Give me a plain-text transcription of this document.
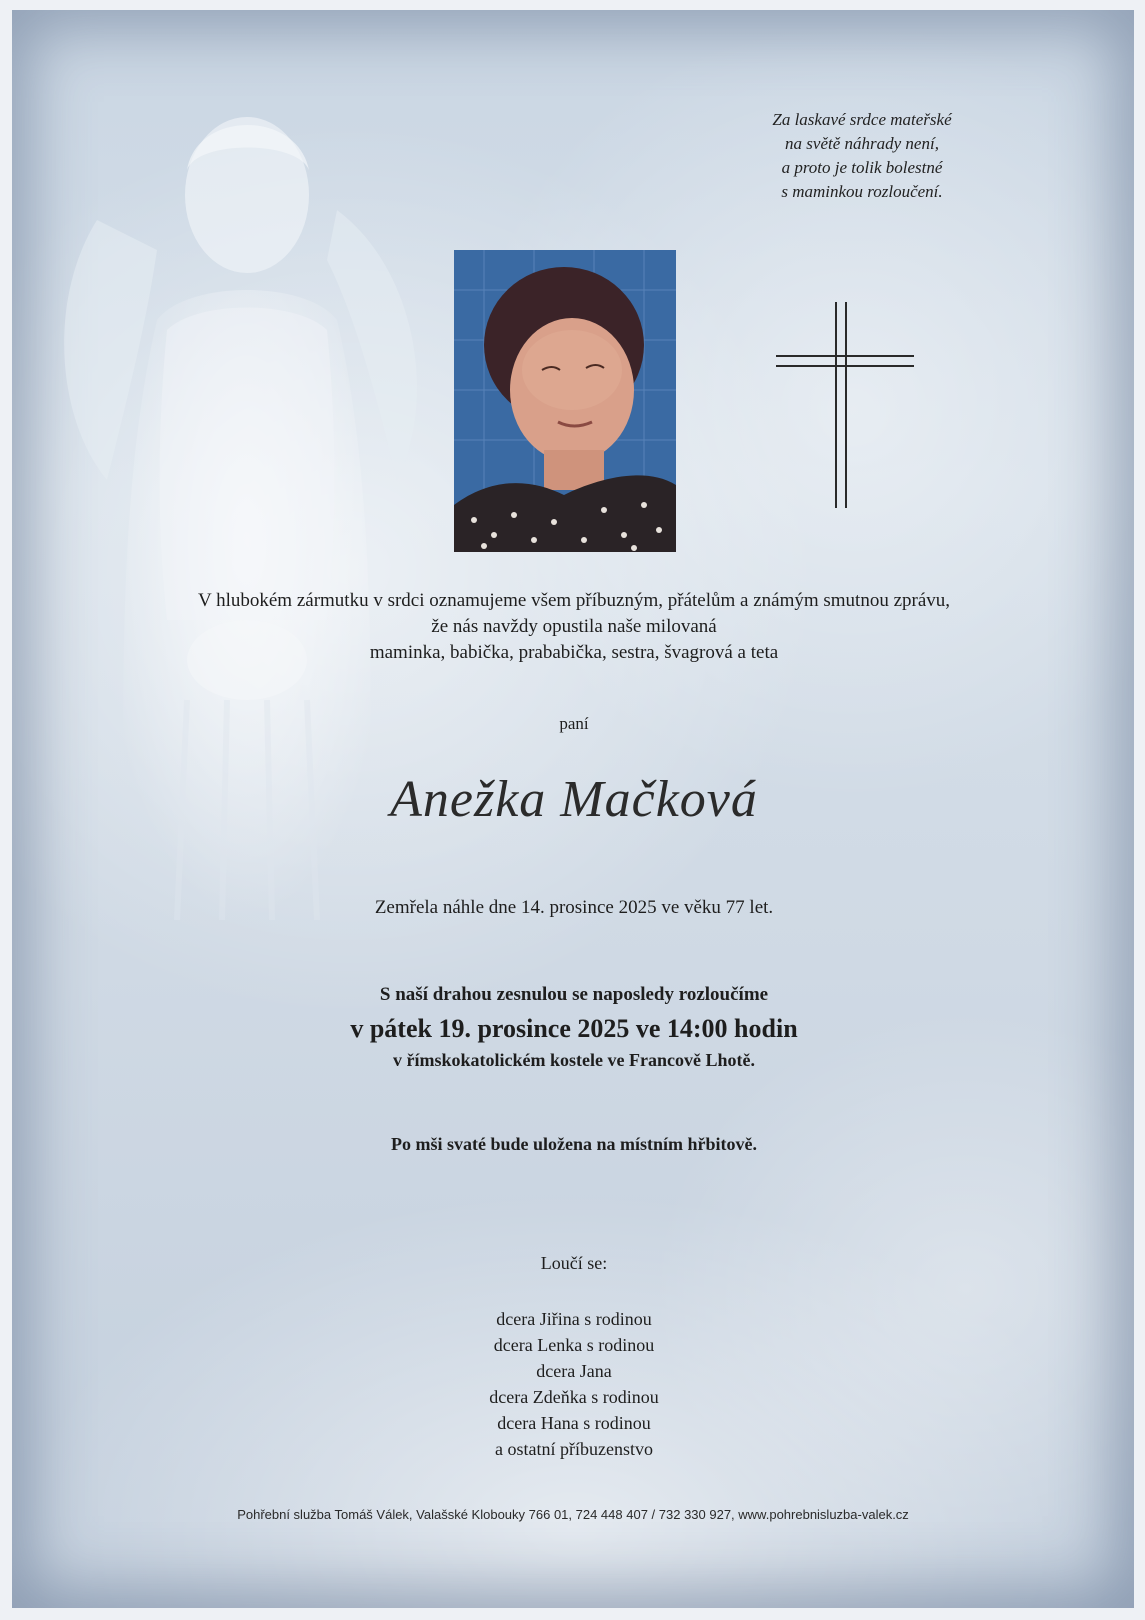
Za laskavé srdce mateřské
na světě náhrady není,
a proto je tolik bolestné
s maminkou rozloučení.
V hlubokém zármutku v srdci oznamujeme všem příbuzným, přátelům a známým smutnou zprávu,
že nás navždy opustila naše milovaná
maminka, babička, prababička, sestra, švagrová a teta
paní
Anežka Mačková
Zemřela náhle dne 14. prosince 2025 ve věku 77 let.
S naší drahou zesnulou se naposledy rozloučíme
v pátek 19. prosince 2025 ve 14:00 hodin
v římskokatolickém kostele ve Francově Lhotě.
Po mši svaté bude uložena na místním hřbitově.
Loučí se:
dcera Jiřina s rodinou
dcera Lenka s rodinou
dcera Jana
dcera Zdeňka s rodinou
dcera Hana s rodinou
a ostatní příbuzenstvo
Pohřební služba Tomáš Válek, Valašské Klobouky 766 01, 724 448 407 / 732 330 927, www.pohrebnisluzba-valek.cz
